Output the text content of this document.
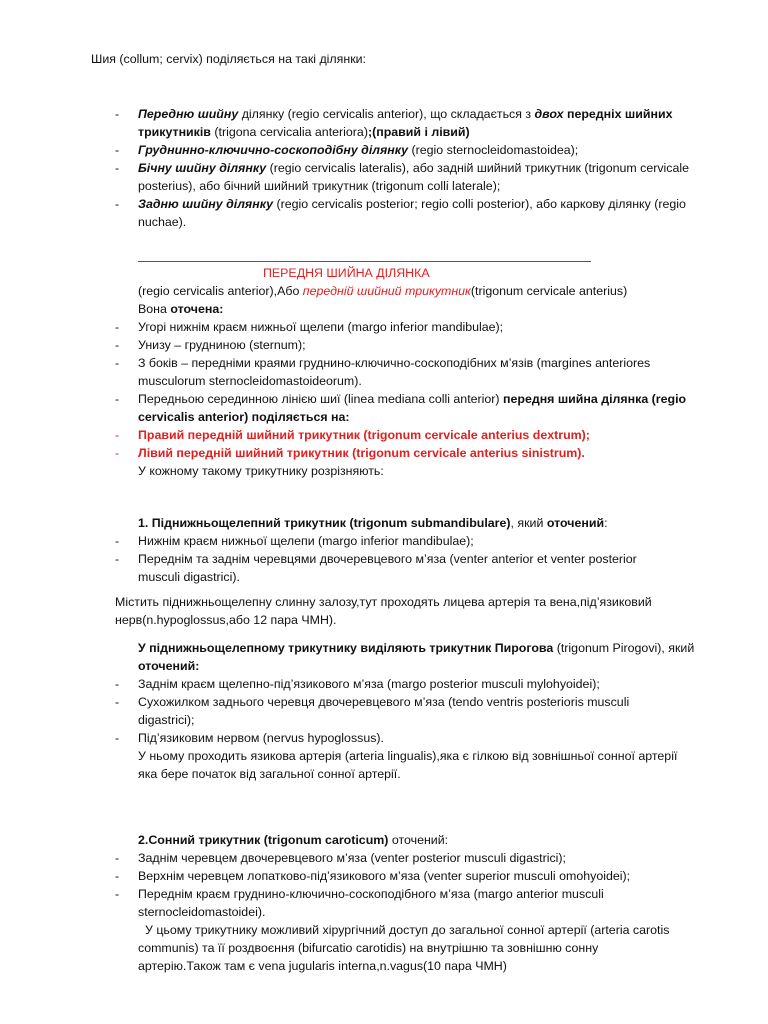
Шия (collum; cervix) поділяється на такі ділянки:
- Передню шийну ділянку (regio cervicalis anterior), що складається з двох передніх шийних
трикутників (trigona cervicalia anteriora);(правий і лівий)
- Груднинно-ключично-соскоподібну ділянку (regio sternocleidomastoidea);
- Бічну шийну ділянку (regio cervicalis lateralis), або задній шийний трикутник (trigonum cervicale
posterius), або бічний шийний трикутник (trigonum colli laterale);
- Задню шийну ділянку (regio cervicalis posterior; regio colli posterior), або каркову ділянку (regio
nuchae).
ПЕРЕДНЯ ШИЙНА ДІЛЯНКА
(regio cervicalis anterior),Або передній шийний трикутник(trigonum cervicale anterius)
Вона оточена:
- Угорі нижнім краєм нижньої щелепи (margo inferior mandibulae);
- Унизу – грудниною (sternum);
- З боків – передніми краями груднино-ключично-соскоподібних м’язів (margines anteriores
musculorum sternocleidomastoideorum).
- Передньою серединною лінією шиї (linea mediana colli anterior) передня шийна ділянка (regio
cervicalis anterior) поділяється на:
- Правий передній шийний трикутник (trigonum cervicale anterius dextrum);
- Лівий передній шийний трикутник (trigonum cervicale anterius sinistrum).
У кожному такому трикутнику розрізняють:
1. Піднижньощелепний трикутник (trigonum submandibulare), який оточений:
- Нижнім краєм нижньої щелепи (margo inferior mandibulae);
- Переднім та заднім черевцями двочеревцевого м’яза (venter anterior et venter posterior
musculi digastrici).
Містить піднижньощелепну слинну залозу,тут проходять лицева артерія та вена,під’язиковий
нерв(n.hypoglossus,або 12 пара ЧМН).
У піднижньощелепному трикутнику виділяють трикутник Пирогова (trigonum Pirogovi), який
оточений:
- Заднім краєм щелепно-під’язикового м’яза (margo posterior musculi mylohyoidei);
- Сухожилком заднього черевця двочеревцевого м’яза (tendo ventris posterioris musculi
digastrici);
- Під’язиковим нервом (nervus hypoglossus).
У ньому проходить язикова артерія (arteria lingualis),яка є гілкою від зовнішньої сонної артерії
яка бере початок від загальної сонної артерії.
2.Сонний трикутник (trigonum caroticum) оточений:
- Заднім черевцем двочеревцевого м’яза (venter posterior musculi digastrici);
- Верхнім черевцем лопатково-під’язикового м’яза (venter superior musculi omohyoidei);
- Переднім краєм груднино-ключично-соскоподібного м’яза (margo anterior musculi
sternocleidomastoidei).
У цьому трикутнику можливий хірургічний доступ до загальної сонної артерії (arteria carotis
communis) та її роздвоєння (bifurcatio carotidis) на внутрішню та зовнішню сонну
артерію.Також там є vena jugularis interna,n.vagus(10 пара ЧМН)
